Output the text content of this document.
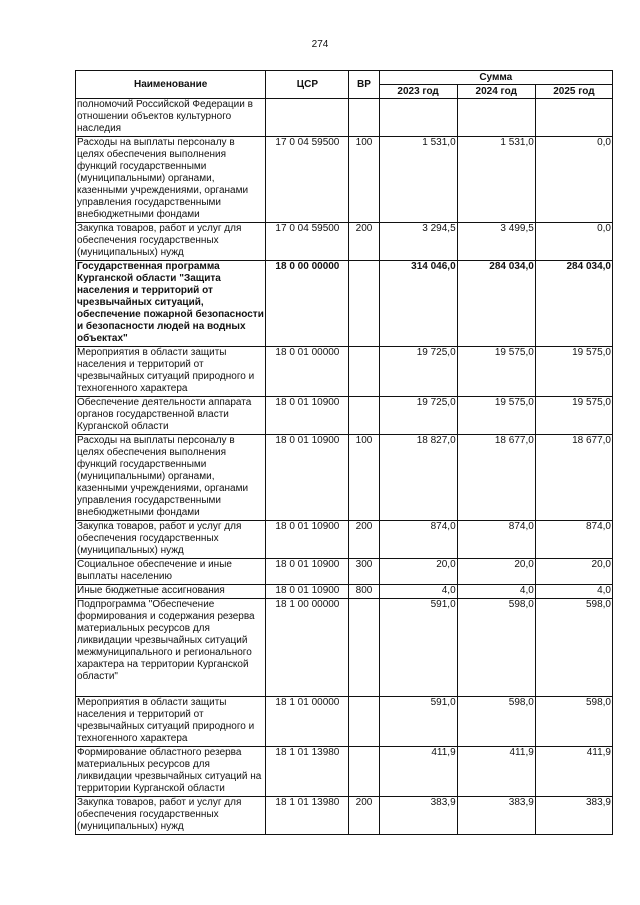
274
Наименование	ЦСР	ВР	Сумма		
			2023 год	2024 год	2025 год
полномочий Российской Федерации в отношении объектов культурного наследия					
Расходы на выплаты персоналу в целях обеспечения выполнения функций государственными (муниципальными) органами, казенными учреждениями, органами управления государственными внебюджетными фондами	17 0 04 59500	100	1 531,0	1 531,0	0,0
Закупка товаров, работ и услуг для обеспечения государственных (муниципальных) нужд	17 0 04 59500	200	3 294,5	3 499,5	0,0
Государственная программа Курганской области "Защита населения и территорий от чрезвычайных ситуаций, обеспечение пожарной безопасности и безопасности людей на водных объектах"	18 0 00 00000		314 046,0	284 034,0	284 034,0
Мероприятия в области защиты населения и территорий от чрезвычайных ситуаций природного и техногенного характера	18 0 01 00000		19 725,0	19 575,0	19 575,0
Обеспечение деятельности аппарата органов государственной власти Курганской области	18 0 01 10900		19 725,0	19 575,0	19 575,0
Расходы на выплаты персоналу в целях обеспечения выполнения функций государственными (муниципальными) органами, казенными учреждениями, органами управления государственными внебюджетными фондами	18 0 01 10900	100	18 827,0	18 677,0	18 677,0
Закупка товаров, работ и услуг для обеспечения государственных (муниципальных) нужд	18 0 01 10900	200	874,0	874,0	874,0
Социальное обеспечение и иные выплаты населению	18 0 01 10900	300	20,0	20,0	20,0
Иные бюджетные ассигнования	18 0 01 10900	800	4,0	4,0	4,0
Подпрограмма "Обеспечение формирования и содержания резерва материальных ресурсов для ликвидации чрезвычайных ситуаций межмуниципального и регионального характера на территории Курганской области"	18 1 00 00000		591,0	598,0	598,0
Мероприятия в области защиты населения и территорий от чрезвычайных ситуаций природного и техногенного характера	18 1 01 00000		591,0	598,0	598,0
Формирование областного резерва материальных ресурсов для ликвидации чрезвычайных ситуаций на территории Курганской области	18 1 01 13980		411,9	411,9	411,9
Закупка товаров, работ и услуг для обеспечения государственных (муниципальных) нужд	18 1 01 13980	200	383,9	383,9	383,9
